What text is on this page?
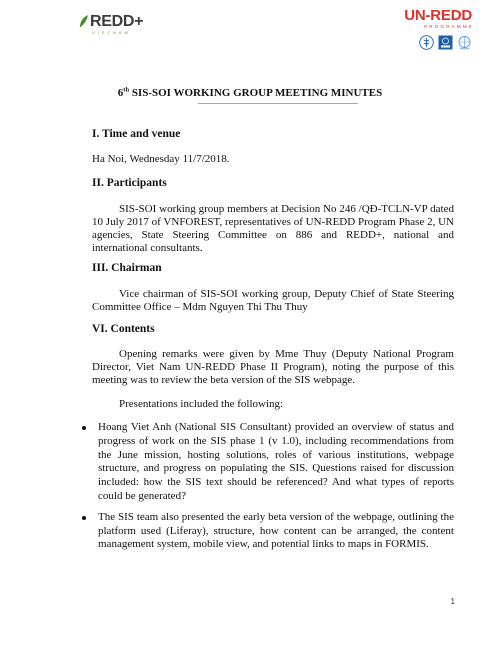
REDD+
VIETNAM
UN-REDD
PROGRAMME
6th SIS-SOI WORKING GROUP MEETING MINUTES

I. Time and venue

Ha Noi, Wednesday 11/7/2018.

II. Participants

SIS-SOI working group members at Decision No 246 /QĐ-TCLN-VP dated 10 July 2017 of VNFOREST, representatives of UN-REDD Program Phase 2, UN agencies, State Steering Committee on 886 and REDD+, national and international consultants.

III. Chairman

Vice chairman of SIS-SOI working group, Deputy Chief of State Steering Committee Office – Mdm Nguyen Thi Thu Thuy

VI. Contents

Opening remarks were given by Mme Thuy (Deputy National Program Director, Viet Nam UN-REDD Phase II Program), noting the purpose of this meeting was to review the beta version of the SIS webpage.

Presentations included the following:

Hoang Viet Anh (National SIS Consultant) provided an overview of status and progress of work on the SIS phase 1 (v 1.0), including recommendations from the June mission, hosting solutions, roles of various institutions, webpage structure, and progress on populating the SIS. Questions raised for discussion included: how the SIS text should be referenced? And what types of reports could be generated?
The SIS team also presented the early beta version of the webpage, outlining the platform used (Liferay), structure, how content can be arranged, the content management system, mobile view, and potential links to maps in FORMIS.
1
